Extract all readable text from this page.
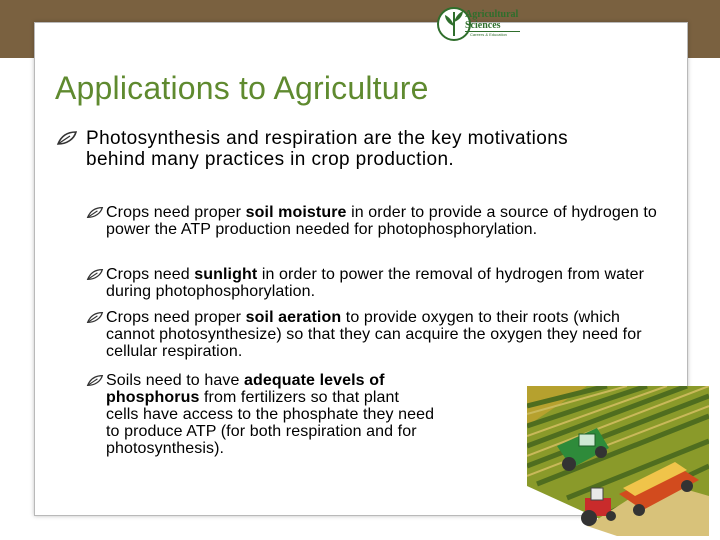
Agricultural
Sciences
Careers & Education
Applications to Agriculture
Photosynthesis and respiration are the key motivations behind many practices in crop production.
Crops need proper soil moisture in order to provide a source of hydrogen to power the ATP production needed for photophosphorylation.
Crops need sunlight in order to power the removal of hydrogen from water during photophosphorylation.
Crops need proper soil aeration to provide oxygen to their roots (which cannot photosynthesize) so that they can acquire the oxygen they need for cellular respiration.
Soils need to have adequate levels of phosphorus from fertilizers so that plant cells have access to the phosphate they need to produce ATP (for both respiration and for photosynthesis).
